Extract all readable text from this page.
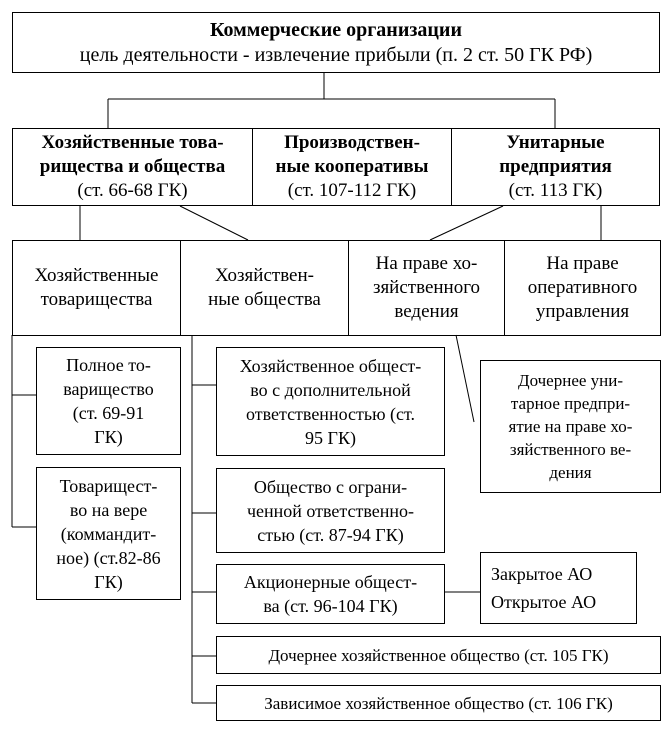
Коммерческие организации
цель деятельности - извлечение прибыли (п. 2 ст. 50 ГК РФ)
Хозяйственные това-
рищества и общества
(ст. 66-68 ГК)
Производствен-
ные кооперативы
(ст. 107-112 ГК)
Унитарные
предприятия
(ст. 113 ГК)
Хозяйственные
товарищества
Хозяйствен-
ные общества
На праве хо-
зяйственного
ведения
На праве
оперативного
управления
Полное то-
варищество
(ст. 69-91
ГК)
Товарищест-
во на вере
(коммандит-
ное) (ст.82-86
ГК)
Хозяйственное общест-
во с дополнительной
ответственностью (ст.
95 ГК)
Общество с ограни-
ченной ответственно-
стью (ст. 87-94 ГК)
Акционерные общест-
ва (ст. 96-104 ГК)
Дочернее хозяйственное общество (ст. 105 ГК)
Зависимое хозяйственное общество (ст. 106 ГК)
Закрытое АО
Открытое АО
Дочернее уни-
тарное предпри-
ятие на праве хо-
зяйственного ве-
дения
